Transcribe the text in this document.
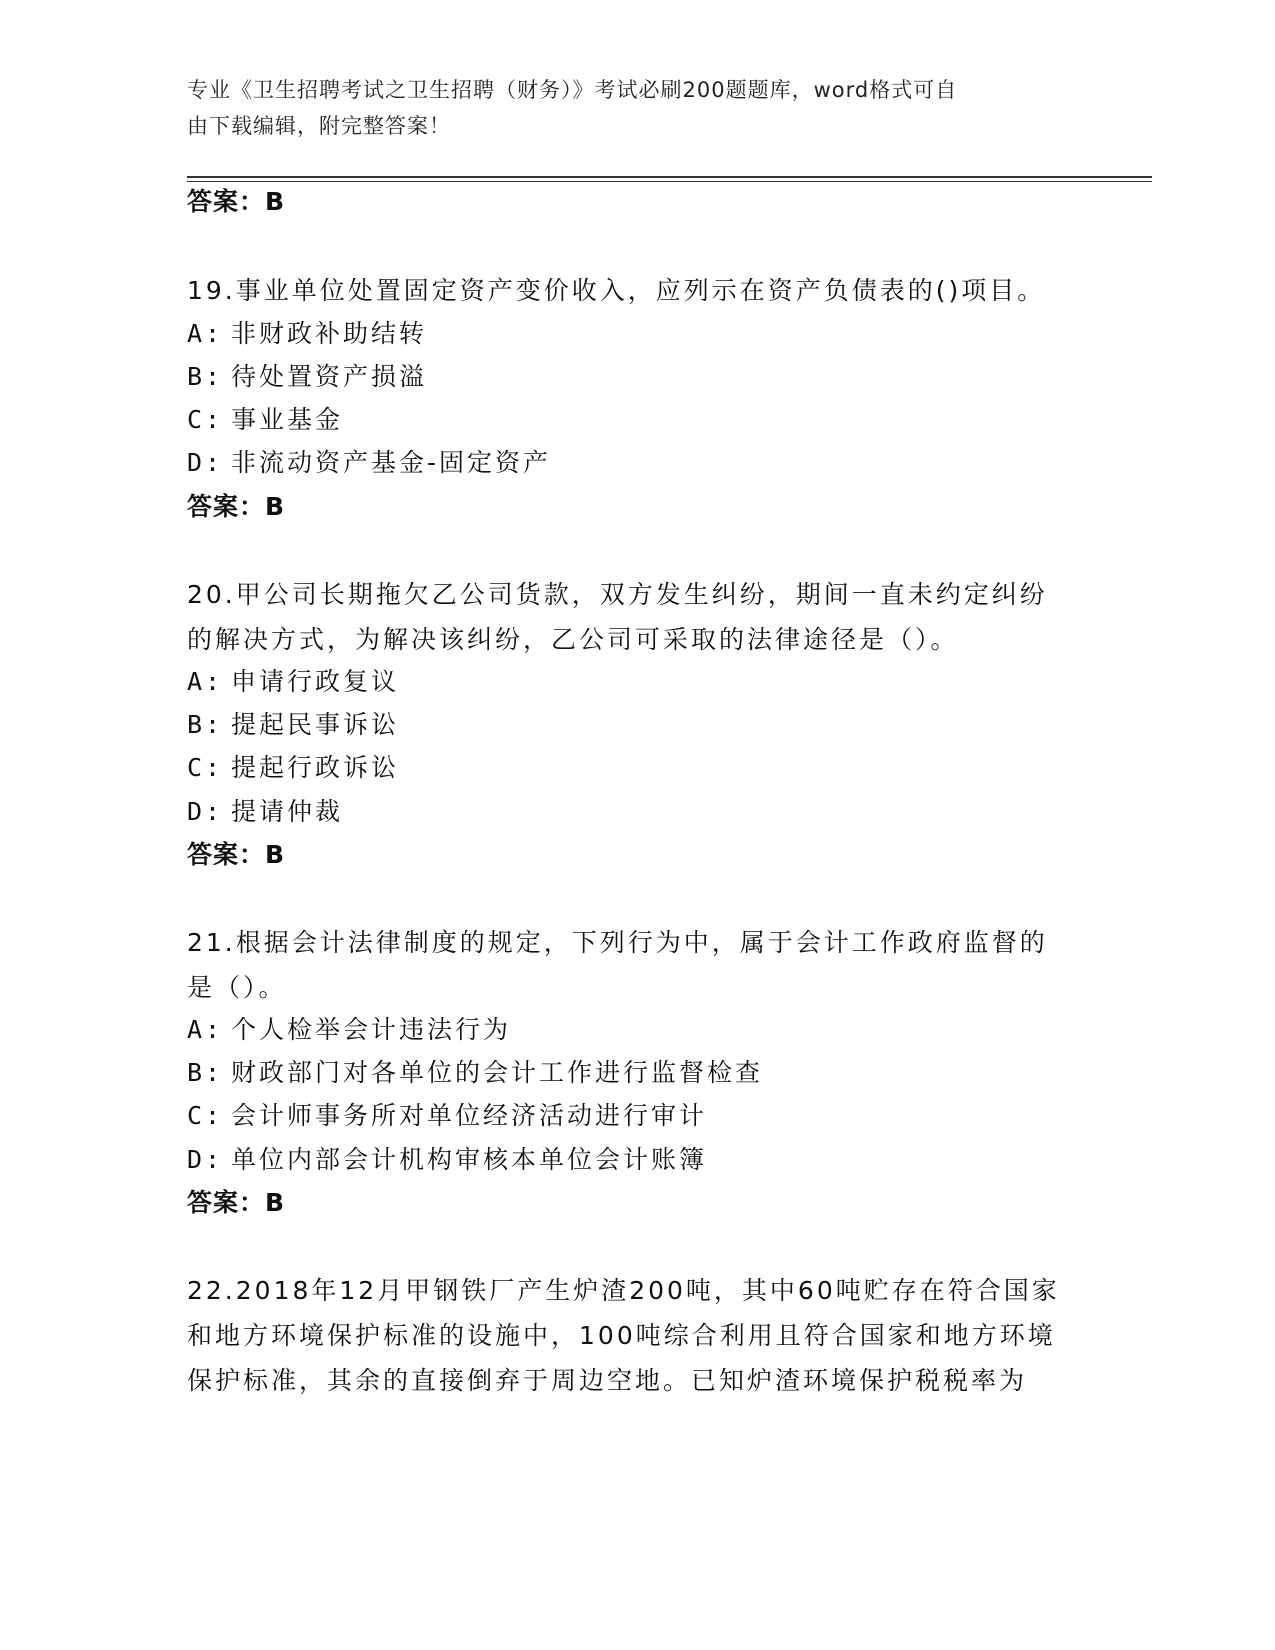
专业《卫生招聘考试之卫生招聘（财务）》考试必刷200题题库，word格式可自
由下载编辑，附完整答案！
答案：B
19.事业单位处置固定资产变价收入，应列示在资产负债表的()项目。
A: 非财政补助结转
B: 待处置资产损溢
C: 事业基金
D: 非流动资产基金-固定资产
答案：B
20.甲公司长期拖欠乙公司货款，双方发生纠纷，期间一直未约定纠纷
的解决方式，为解决该纠纷，乙公司可采取的法律途径是（）。
A: 申请行政复议
B: 提起民事诉讼
C: 提起行政诉讼
D: 提请仲裁
答案：B
21.根据会计法律制度的规定，下列行为中，属于会计工作政府监督的
是（）。
A: 个人检举会计违法行为
B: 财政部门对各单位的会计工作进行监督检查
C: 会计师事务所对单位经济活动进行审计
D: 单位内部会计机构审核本单位会计账簿
答案：B
22.2018年12月甲钢铁厂产生炉渣200吨，其中60吨贮存在符合国家
和地方环境保护标准的设施中，100吨综合利用且符合国家和地方环境
保护标准，其余的直接倒弃于周边空地。已知炉渣环境保护税税率为
